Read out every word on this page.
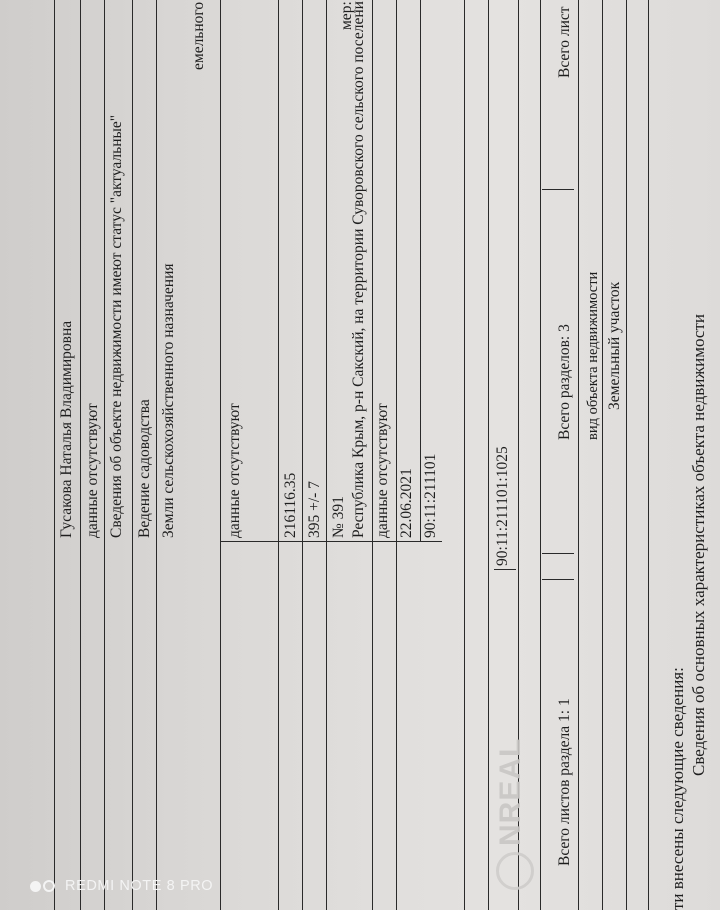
Сведения об основных характеристиках объекта недвижимости
ти внесены следующие сведения:
Земельный участок
вид объекта недвижимости
Всего листов раздела 1: 1
Всего разделов: 3
Всего лист
90:11:211101:1025
мер:
емельного
90:11:211101
22.06.2021
данные отсутствуют
Республика Крым, р-н Сакский, на территории Суворовского сельского поселени
№ 391
395 +/- 7
216116.35
данные отсутствуют
Земли сельскохозяйственного назначения
Ведение садоводства
Сведения об объекте недвижимости имеют статус "актуальные"
данные отсутствуют
Гусакова Наталья Владимировна
NREAL
REDMI NOTE 8 PRO
